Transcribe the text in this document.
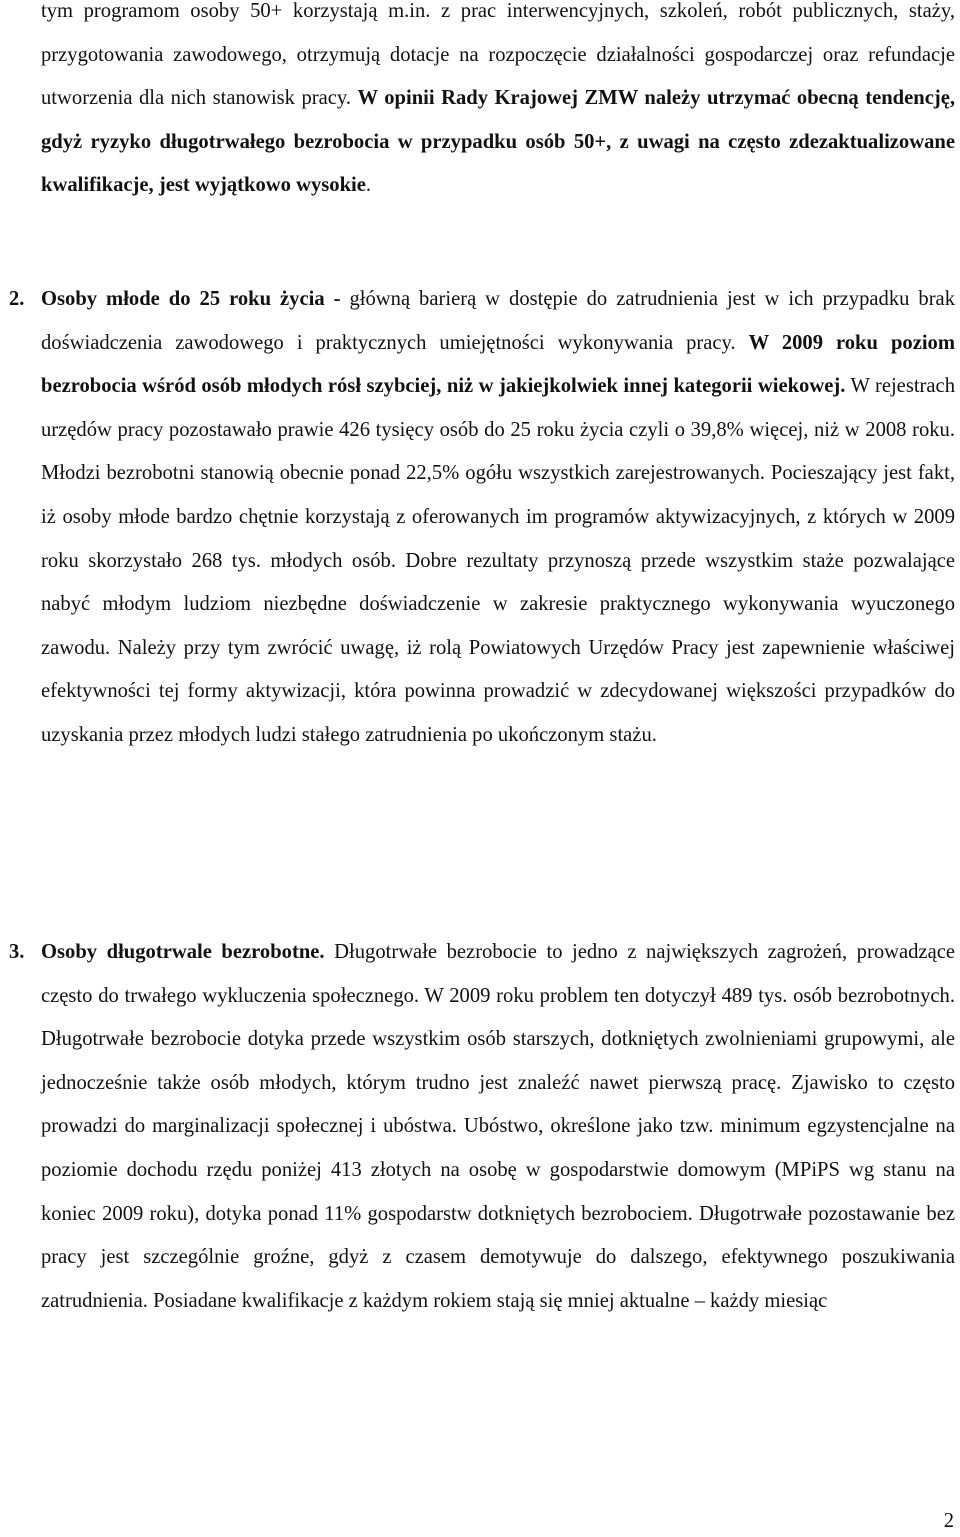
tym programom osoby 50+ korzystają m.in. z prac interwencyjnych, szkoleń, robót publicznych, staży, przygotowania zawodowego, otrzymują dotacje na rozpoczęcie działalności gospodarczej oraz refundacje utworzenia dla nich stanowisk pracy. W opinii Rady Krajowej ZMW należy utrzymać obecną tendencję, gdyż ryzyko długotrwałego bezrobocia w przypadku osób 50+, z uwagi na często zdezaktualizowane kwalifikacje, jest wyjątkowo wysokie.

2. Osoby młode do 25 roku życia - główną barierą w dostępie do zatrudnienia jest w ich przypadku brak doświadczenia zawodowego i praktycznych umiejętności wykonywania pracy. W 2009 roku poziom bezrobocia wśród osób młodych rósł szybciej, niż w jakiejkolwiek innej kategorii wiekowej. W rejestrach urzędów pracy pozostawało prawie 426 tysięcy osób do 25 roku życia czyli o 39,8% więcej, niż w 2008 roku. Młodzi bezrobotni stanowią obecnie ponad 22,5% ogółu wszystkich zarejestrowanych. Pocieszający jest fakt, iż osoby młode bardzo chętnie korzystają z oferowanych im programów aktywizacyjnych, z których w 2009 roku skorzystało 268 tys. młodych osób. Dobre rezultaty przynoszą przede wszystkim staże pozwalające nabyć młodym ludziom niezbędne doświadczenie w zakresie praktycznego wykonywania wyuczonego zawodu. Należy przy tym zwrócić uwagę, iż rolą Powiatowych Urzędów Pracy jest zapewnienie właściwej efektywności tej formy aktywizacji, która powinna prowadzić w zdecydowanej większości przypadków do uzyskania przez młodych ludzi stałego zatrudnienia po ukończonym stażu.

3. Osoby długotrwale bezrobotne. Długotrwałe bezrobocie to jedno z największych zagrożeń, prowadzące często do trwałego wykluczenia społecznego. W 2009 roku problem ten dotyczył 489 tys. osób bezrobotnych. Długotrwałe bezrobocie dotyka przede wszystkim osób starszych, dotkniętych zwolnieniami grupowymi, ale jednocześnie także osób młodych, którym trudno jest znaleźć nawet pierwszą pracę. Zjawisko to często prowadzi do marginalizacji społecznej i ubóstwa. Ubóstwo, określone jako tzw. minimum egzystencjalne na poziomie dochodu rzędu poniżej 413 złotych na osobę w gospodarstwie domowym (MPiPS wg stanu na koniec 2009 roku), dotyka ponad 11% gospodarstw dotkniętych bezrobociem. Długotrwałe pozostawanie bez pracy jest szczególnie groźne, gdyż z czasem demotywuje do dalszego, efektywnego poszukiwania zatrudnienia. Posiadane kwalifikacje z każdym rokiem stają się mniej aktualne – każdy miesiąc

2
